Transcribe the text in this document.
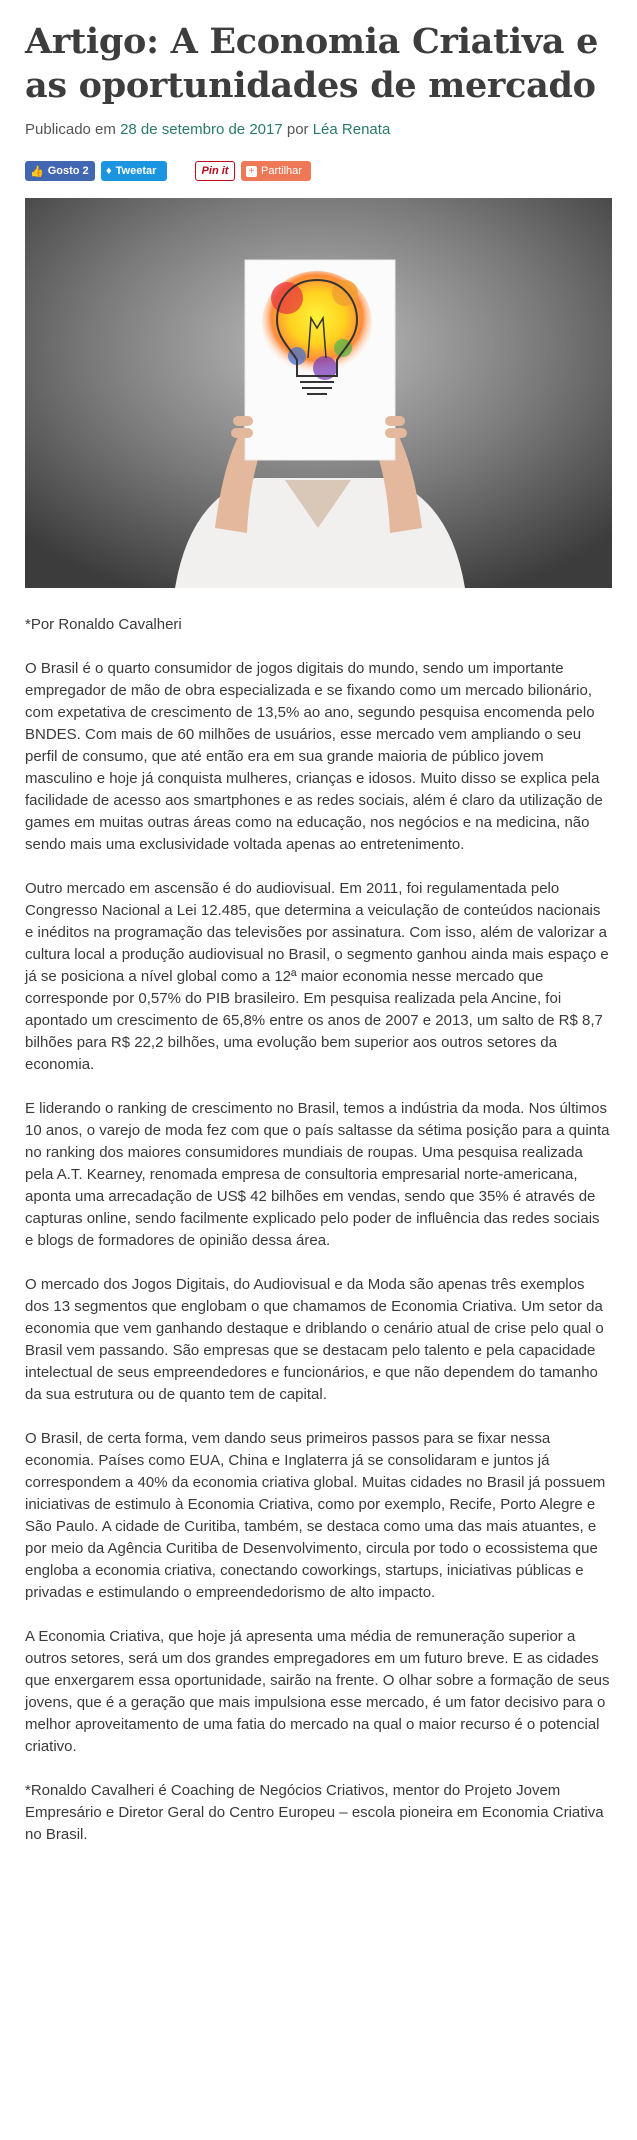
Artigo: A Economia Criativa e as oportunidades de mercado
Publicado em 28 de setembro de 2017 por Léa Renata
👍 Gosto 2 ♦ Tweetar	Pin it + Partilhar

*Por Ronaldo Cavalheri

O Brasil é o quarto consumidor de jogos digitais do mundo, sendo um importante empregador de mão de obra especializada e se fixando como um mercado bilionário, com expetativa de crescimento de 13,5% ao ano, segundo pesquisa encomenda pelo BNDES. Com mais de 60 milhões de usuários, esse mercado vem ampliando o seu perfil de consumo, que até então era em sua grande maioria de público jovem masculino e hoje já conquista mulheres, crianças e idosos. Muito disso se explica pela facilidade de acesso aos smartphones e as redes sociais, além é claro da utilização de games em muitas outras áreas como na educação, nos negócios e na medicina, não sendo mais uma exclusividade voltada apenas ao entretenimento.

Outro mercado em ascensão é do audiovisual. Em 2011, foi regulamentada pelo Congresso Nacional a Lei 12.485, que determina a veiculação de conteúdos nacionais e inéditos na programação das televisões por assinatura. Com isso, além de valorizar a cultura local a produção audiovisual no Brasil, o segmento ganhou ainda mais espaço e já se posiciona a nível global como a 12ª maior economia nesse mercado que corresponde por 0,57% do PIB brasileiro. Em pesquisa realizada pela Ancine, foi apontado um crescimento de 65,8% entre os anos de 2007 e 2013, um salto de R$ 8,7 bilhões para R$ 22,2 bilhões, uma evolução bem superior aos outros setores da economia.

E liderando o ranking de crescimento no Brasil, temos a indústria da moda. Nos últimos 10 anos, o varejo de moda fez com que o país saltasse da sétima posição para a quinta no ranking dos maiores consumidores mundiais de roupas. Uma pesquisa realizada pela A.T. Kearney, renomada empresa de consultoria empresarial norte-americana, aponta uma arrecadação de US$ 42 bilhões em vendas, sendo que 35% é através de capturas online, sendo facilmente explicado pelo poder de influência das redes sociais e blogs de formadores de opinião dessa área.

O mercado dos Jogos Digitais, do Audiovisual e da Moda são apenas três exemplos dos 13 segmentos que englobam o que chamamos de Economia Criativa. Um setor da economia que vem ganhando destaque e driblando o cenário atual de crise pelo qual o Brasil vem passando. São empresas que se destacam pelo talento e pela capacidade intelectual de seus empreendedores e funcionários, e que não dependem do tamanho da sua estrutura ou de quanto tem de capital.

O Brasil, de certa forma, vem dando seus primeiros passos para se fixar nessa economia. Países como EUA, China e Inglaterra já se consolidaram e juntos já correspondem a 40% da economia criativa global. Muitas cidades no Brasil já possuem iniciativas de estimulo à Economia Criativa, como por exemplo, Recife, Porto Alegre e São Paulo. A cidade de Curitiba, também, se destaca como uma das mais atuantes, e por meio da Agência Curitiba de Desenvolvimento, circula por todo o ecossistema que engloba a economia criativa, conectando coworkings, startups, iniciativas públicas e privadas e estimulando o empreendedorismo de alto impacto.

A Economia Criativa, que hoje já apresenta uma média de remuneração superior a outros setores, será um dos grandes empregadores em um futuro breve. E as cidades que enxergarem essa oportunidade, sairão na frente. O olhar sobre a formação de seus jovens, que é a geração que mais impulsiona esse mercado, é um fator decisivo para o melhor aproveitamento de uma fatia do mercado na qual o maior recurso é o potencial criativo.

*Ronaldo Cavalheri é Coaching de Negócios Criativos, mentor do Projeto Jovem Empresário e Diretor Geral do Centro Europeu – escola pioneira em Economia Criativa no Brasil.
